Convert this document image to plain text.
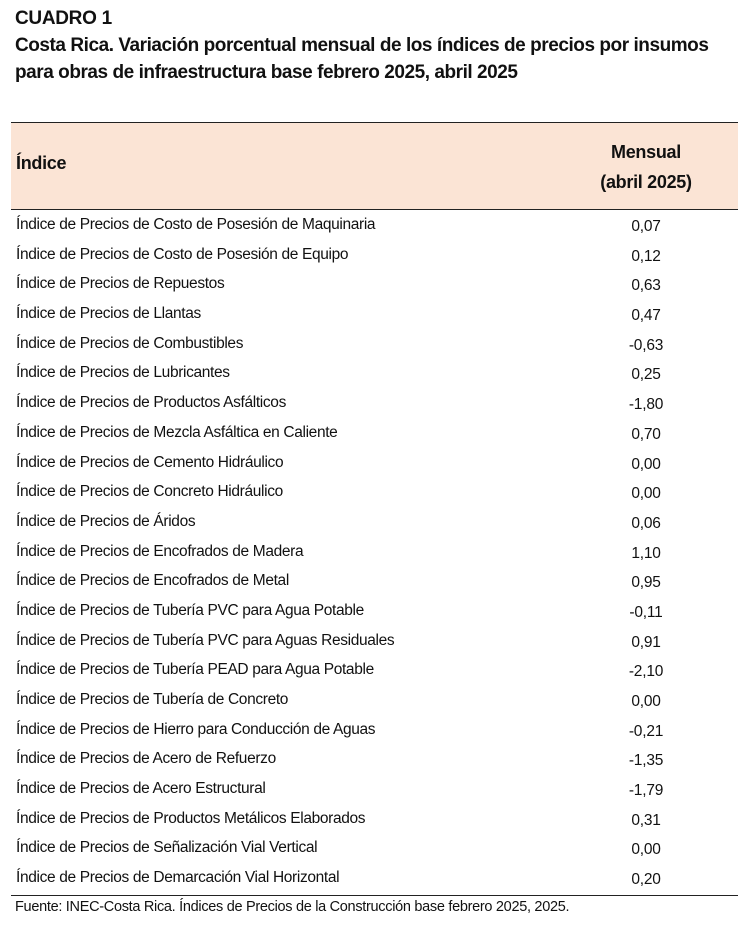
CUADRO 1

Costa Rica. Variación porcentual mensual de los índices de precios por insumos

para obras de infraestructura base febrero 2025, abril 2025

Índice
Mensual
(abril 2025)
Índice de Precios de Costo de Posesión de Maquinaria	0,07
Índice de Precios de Costo de Posesión de Equipo	0,12
Índice de Precios de Repuestos	0,63
Índice de Precios de Llantas	0,47
Índice de Precios de Combustibles	-0,63
Índice de Precios de Lubricantes	0,25
Índice de Precios de Productos Asfálticos	-1,80
Índice de Precios de Mezcla Asfáltica en Caliente	0,70
Índice de Precios de Cemento Hidráulico	0,00
Índice de Precios de Concreto Hidráulico	0,00
Índice de Precios de Áridos	0,06
Índice de Precios de Encofrados de Madera	1,10
Índice de Precios de Encofrados de Metal	0,95
Índice de Precios de Tubería PVC para Agua Potable	-0,11
Índice de Precios de Tubería PVC para Aguas Residuales	0,91
Índice de Precios de Tubería PEAD para Agua Potable	-2,10
Índice de Precios de Tubería de Concreto	0,00
Índice de Precios de Hierro para Conducción de Aguas	-0,21
Índice de Precios de Acero de Refuerzo	-1,35
Índice de Precios de Acero Estructural	-1,79
Índice de Precios de Productos Metálicos Elaborados	0,31
Índice de Precios de Señalización Vial Vertical	0,00
Índice de Precios de Demarcación Vial Horizontal	0,20
Fuente: INEC-Costa Rica. Índices de Precios de la Construcción base febrero 2025, 2025.
